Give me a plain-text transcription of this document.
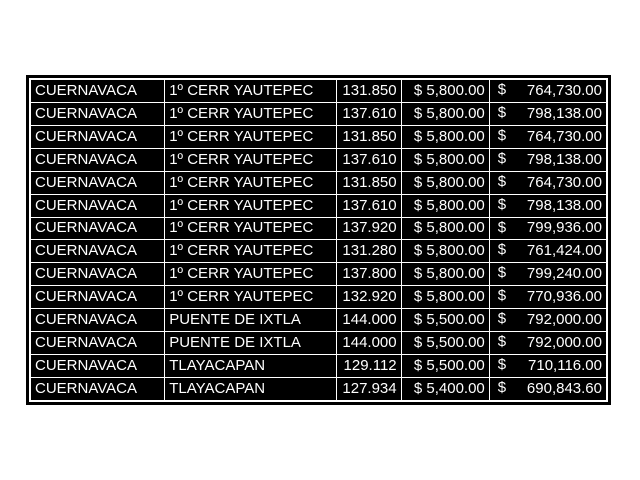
CUERNAVACA	1º CERR YAUTEPEC	131.850	$ 5,800.00	$ 764,730.00
CUERNAVACA	1º CERR YAUTEPEC	137.610	$ 5,800.00	$ 798,138.00
CUERNAVACA	1º CERR YAUTEPEC	131.850	$ 5,800.00	$ 764,730.00
CUERNAVACA	1º CERR YAUTEPEC	137.610	$ 5,800.00	$ 798,138.00
CUERNAVACA	1º CERR YAUTEPEC	131.850	$ 5,800.00	$ 764,730.00
CUERNAVACA	1º CERR YAUTEPEC	137.610	$ 5,800.00	$ 798,138.00
CUERNAVACA	1º CERR YAUTEPEC	137.920	$ 5,800.00	$ 799,936.00
CUERNAVACA	1º CERR YAUTEPEC	131.280	$ 5,800.00	$ 761,424.00
CUERNAVACA	1º CERR YAUTEPEC	137.800	$ 5,800.00	$ 799,240.00
CUERNAVACA	1º CERR YAUTEPEC	132.920	$ 5,800.00	$ 770,936.00
CUERNAVACA	PUENTE DE IXTLA	144.000	$ 5,500.00	$ 792,000.00
CUERNAVACA	PUENTE DE IXTLA	144.000	$ 5,500.00	$ 792,000.00
CUERNAVACA	TLAYACAPAN	129.112	$ 5,500.00	$ 710,116.00
CUERNAVACA	TLAYACAPAN	127.934	$ 5,400.00	$ 690,843.60
